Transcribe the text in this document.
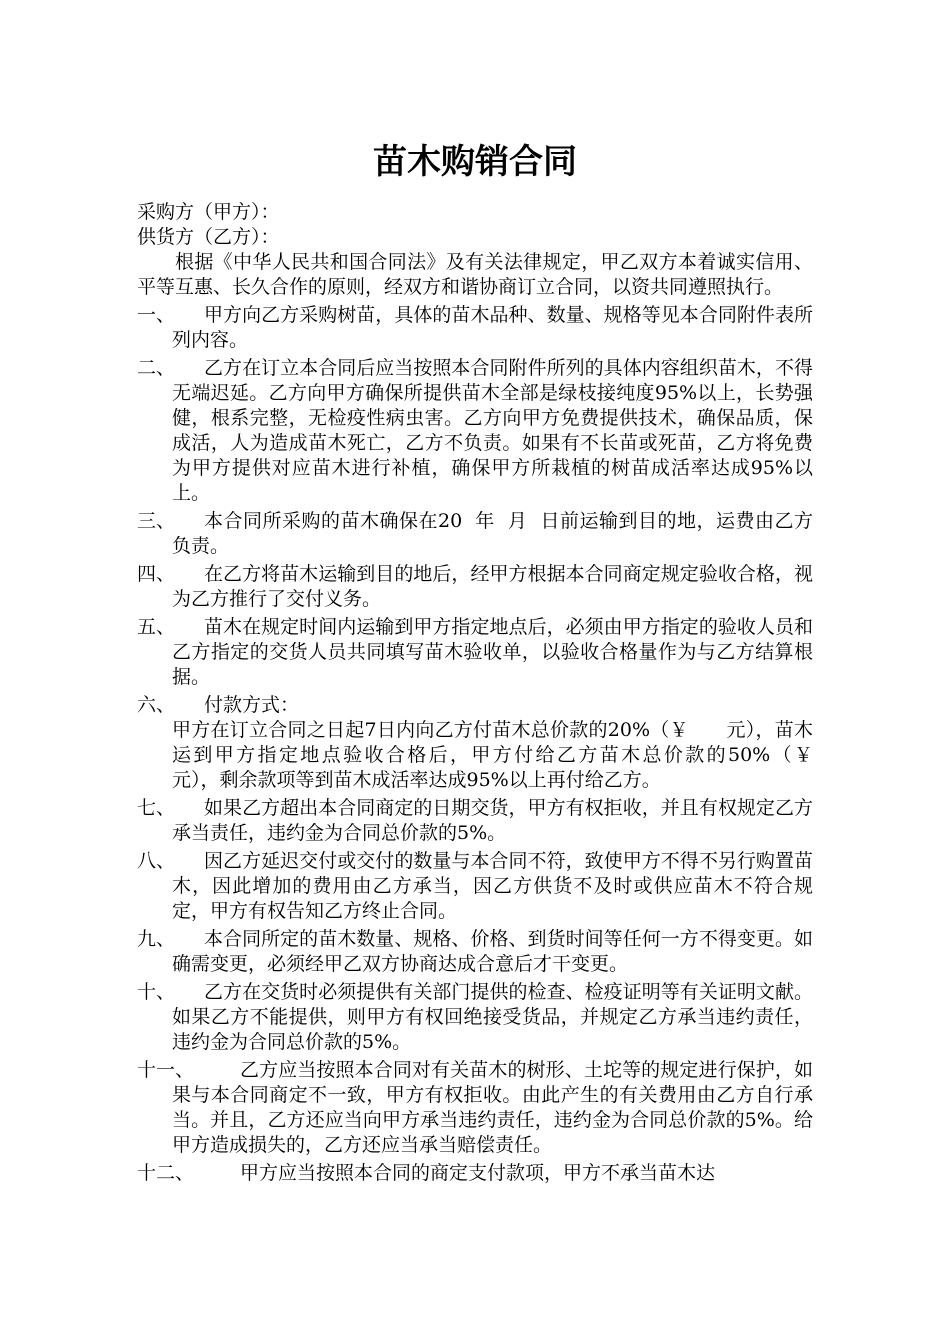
苗木购销合同
采购方（甲方）：
供货方（乙方）：

根据《中华人民共和国合同法》及有关法律规定，甲乙双方本着诚实信用、平等互惠、长久合作的原则，经双方和谐协商订立合同，以资共同遵照执行。

一、	甲方向乙方采购树苗，具体的苗木品种、数量、规格等见本合同附件表所列内容。

二、	乙方在订立本合同后应当按照本合同附件所列的具体内容组织苗木，不得无端迟延。乙方向甲方确保所提供苗木全部是绿枝接纯度95%以上，长势强健，根系完整，无检疫性病虫害。乙方向甲方免费提供技术，确保品质，保成活，人为造成苗木死亡，乙方不负责。如果有不长苗或死苗，乙方将免费为甲方提供对应苗木进行补植，确保甲方所栽植的树苗成活率达成95%以上。

三、	本合同所采购的苗木确保在20  年  月  日前运输到目的地，运费由乙方负责。

四、	在乙方将苗木运输到目的地后，经甲方根据本合同商定规定验收合格，视为乙方推行了交付义务。

五、	苗木在规定时间内运输到甲方指定地点后，必须由甲方指定的验收人员和乙方指定的交货人员共同填写苗木验收单，以验收合格量作为与乙方结算根据。

六、	付款方式：

甲方在订立合同之日起7日内向乙方付苗木总价款的20%（￥      元），苗木运到甲方指定地点验收合格后，甲方付给乙方苗木总价款的50%（￥      元），剩余款项等到苗木成活率达成95%以上再付给乙方。

七、	如果乙方超出本合同商定的日期交货，甲方有权拒收，并且有权规定乙方承当责任，违约金为合同总价款的5%。

八、	因乙方延迟交付或交付的数量与本合同不符，致使甲方不得不另行购置苗木，因此增加的费用由乙方承当，因乙方供货不及时或供应苗木不符合规定，甲方有权告知乙方终止合同。

九、	本合同所定的苗木数量、规格、价格、到货时间等任何一方不得变更。如确需变更，必须经甲乙双方协商达成合意后才干变更。

十、	乙方在交货时必须提供有关部门提供的检查、检疫证明等有关证明文献。如果乙方不能提供，则甲方有权回绝接受货品，并规定乙方承当违约责任，违约金为合同总价款的5%。

十一、	乙方应当按照本合同对有关苗木的树形、土坨等的规定进行保护，如果与本合同商定不一致，甲方有权拒收。由此产生的有关费用由乙方自行承当。并且，乙方还应当向甲方承当违约责任，违约金为合同总价款的5%。给甲方造成损失的，乙方还应当承当赔偿责任。

十二、	甲方应当按照本合同的商定支付款项，甲方不承当苗木达
